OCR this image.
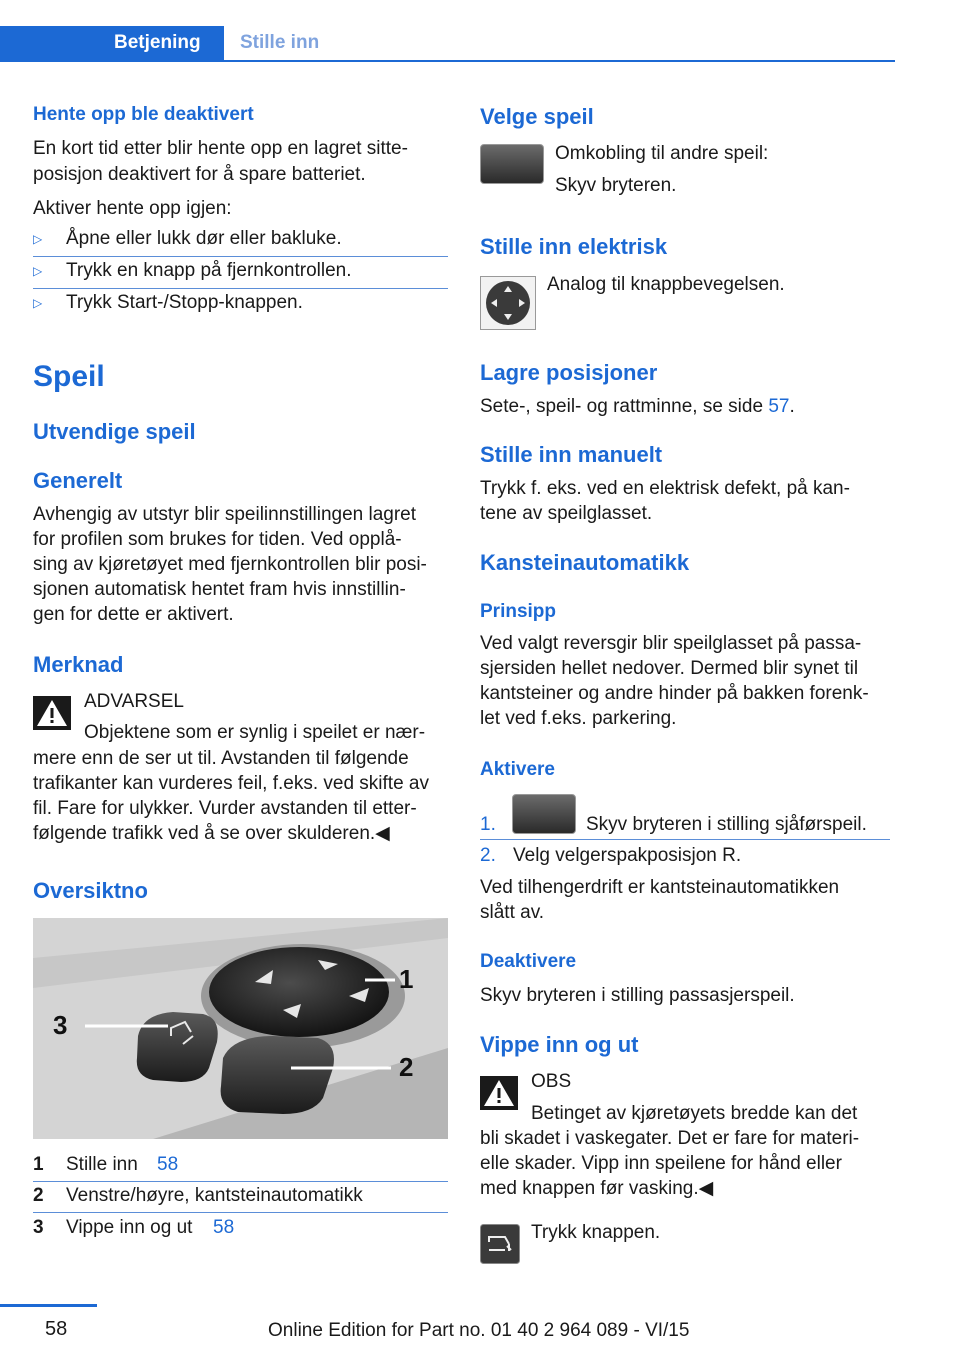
Betjening	Stille inn
Hente opp ble deaktivert
En kort tid etter blir hente opp en lagret sitte-
posisjon deaktivert for å spare batteriet.
Aktiver hente opp igjen:
▷ Åpne eller lukk dør eller bakluke.
▷ Trykk en knapp på fjernkontrollen.
▷ Trykk Start-/Stopp-knappen.
Speil
Utvendige speil
Generelt
Avhengig av utstyr blir speilinnstillingen lagret
for profilen som brukes for tiden. Ved opplå-
sing av kjøretøyet med fjernkontrollen blir posi-
sjonen automatisk hentet fram hvis innstillin-
gen for dette er aktivert.
Merknad
ADVARSEL
Objektene som er synlig i speilet er nær-
mere enn de ser ut til. Avstanden til følgende
trafikanter kan vurderes feil, f.eks. ved skifte av
fil. Fare for ulykker. Vurder avstanden til etter-
følgende trafikk ved å se over skulderen.◀
Oversiktno
1
2
3
1 Stille inn 58
2 Venstre/høyre, kantsteinautomatikk
3 Vippe inn og ut 58
Velge speil
Omkobling til andre speil:
Skyv bryteren.
Stille inn elektrisk
Analog til knappbevegelsen.
Lagre posisjoner
Sete-, speil- og rattminne, se side 57.
Stille inn manuelt
Trykk f. eks. ved en elektrisk defekt, på kan-
tene av speilglasset.
Kansteinautomatikk
Prinsipp
Ved valgt reversgir blir speilglasset på passa-
sjersiden hellet nedover. Dermed blir synet til
kantsteiner og andre hinder på bakken forenk-
let ved f.eks. parkering.
Aktivere
1.	Skyv bryteren i stilling sjåførspeil.
2. Velg velgerspakposisjon R.
Ved tilhengerdrift er kantsteinautomatikken
slått av.
Deaktivere
Skyv bryteren i stilling passasjerspeil.
Vippe inn og ut
OBS
Betinget av kjøretøyets bredde kan det
bli skadet i vaskegater. Det er fare for materi-
elle skader. Vipp inn speilene for hånd eller
med knappen før vasking.◀
Trykk knappen.
58	Online Edition for Part no. 01 40 2 964 089 - VI/15
